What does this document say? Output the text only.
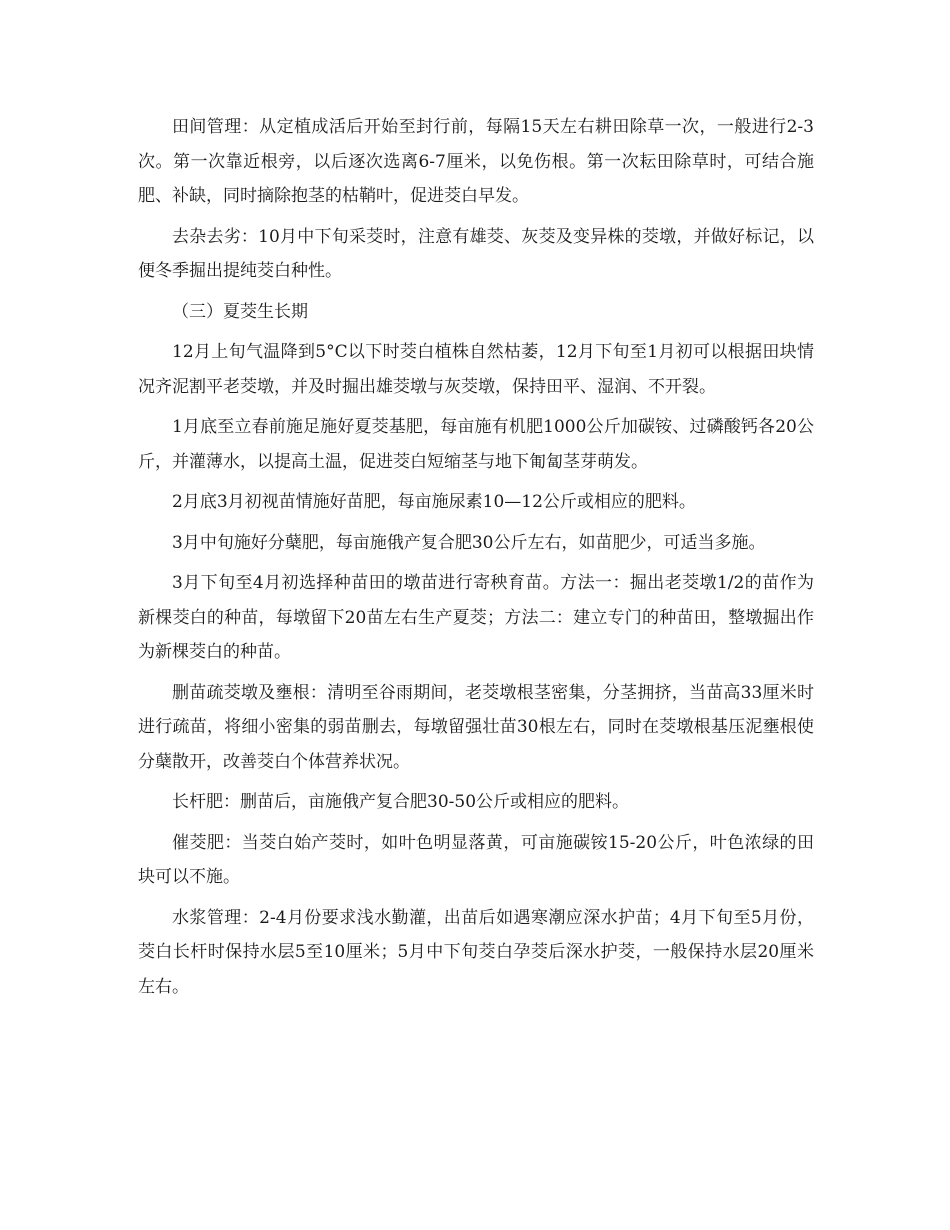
田间管理：从定植成活后开始至封行前，每隔15天左右耕田除草一次，一般进行2-3次。第一次靠近根旁，以后逐次选离6-7厘米，以免伤根。第一次耘田除草时，可结合施肥、补缺，同时摘除抱茎的枯鞘叶，促进茭白早发。

去杂去劣：10月中下旬采茭时，注意有雄茭、灰茭及变异株的茭墩，并做好标记，以便冬季掘出提纯茭白种性。

（三）夏茭生长期

12月上旬气温降到5°C以下时茭白植株自然枯萎，12月下旬至1月初可以根据田块情况齐泥割平老茭墩，并及时掘出雄茭墩与灰茭墩，保持田平、湿润、不开裂。

1月底至立春前施足施好夏茭基肥，每亩施有机肥1000公斤加碳铵、过磷酸钙各20公斤，并灌薄水，以提高土温，促进茭白短缩茎与地下匍匐茎芽萌发。

2月底3月初视苗情施好苗肥，每亩施尿素10—12公斤或相应的肥料。

3月中旬施好分蘖肥，每亩施俄产复合肥30公斤左右，如苗肥少，可适当多施。

3月下旬至4月初选择种苗田的墩苗进行寄秧育苗。方法一：掘出老茭墩1/2的苗作为新棵茭白的种苗，每墩留下20苗左右生产夏茭；方法二：建立专门的种苗田，整墩掘出作为新棵茭白的种苗。

删苗疏茭墩及壅根：清明至谷雨期间，老茭墩根茎密集，分茎拥挤，当苗高33厘米时进行疏苗，将细小密集的弱苗删去，每墩留强壮苗30根左右，同时在茭墩根基压泥壅根使分蘖散开，改善茭白个体营养状况。

长杆肥：删苗后，亩施俄产复合肥30-50公斤或相应的肥料。

催茭肥：当茭白始产茭时，如叶色明显落黄，可亩施碳铵15-20公斤，叶色浓绿的田块可以不施。

水浆管理：2-4月份要求浅水勤灌，出苗后如遇寒潮应深水护苗；4月下旬至5月份，茭白长杆时保持水层5至10厘米；5月中下旬茭白孕茭后深水护茭，一般保持水层20厘米左右。
